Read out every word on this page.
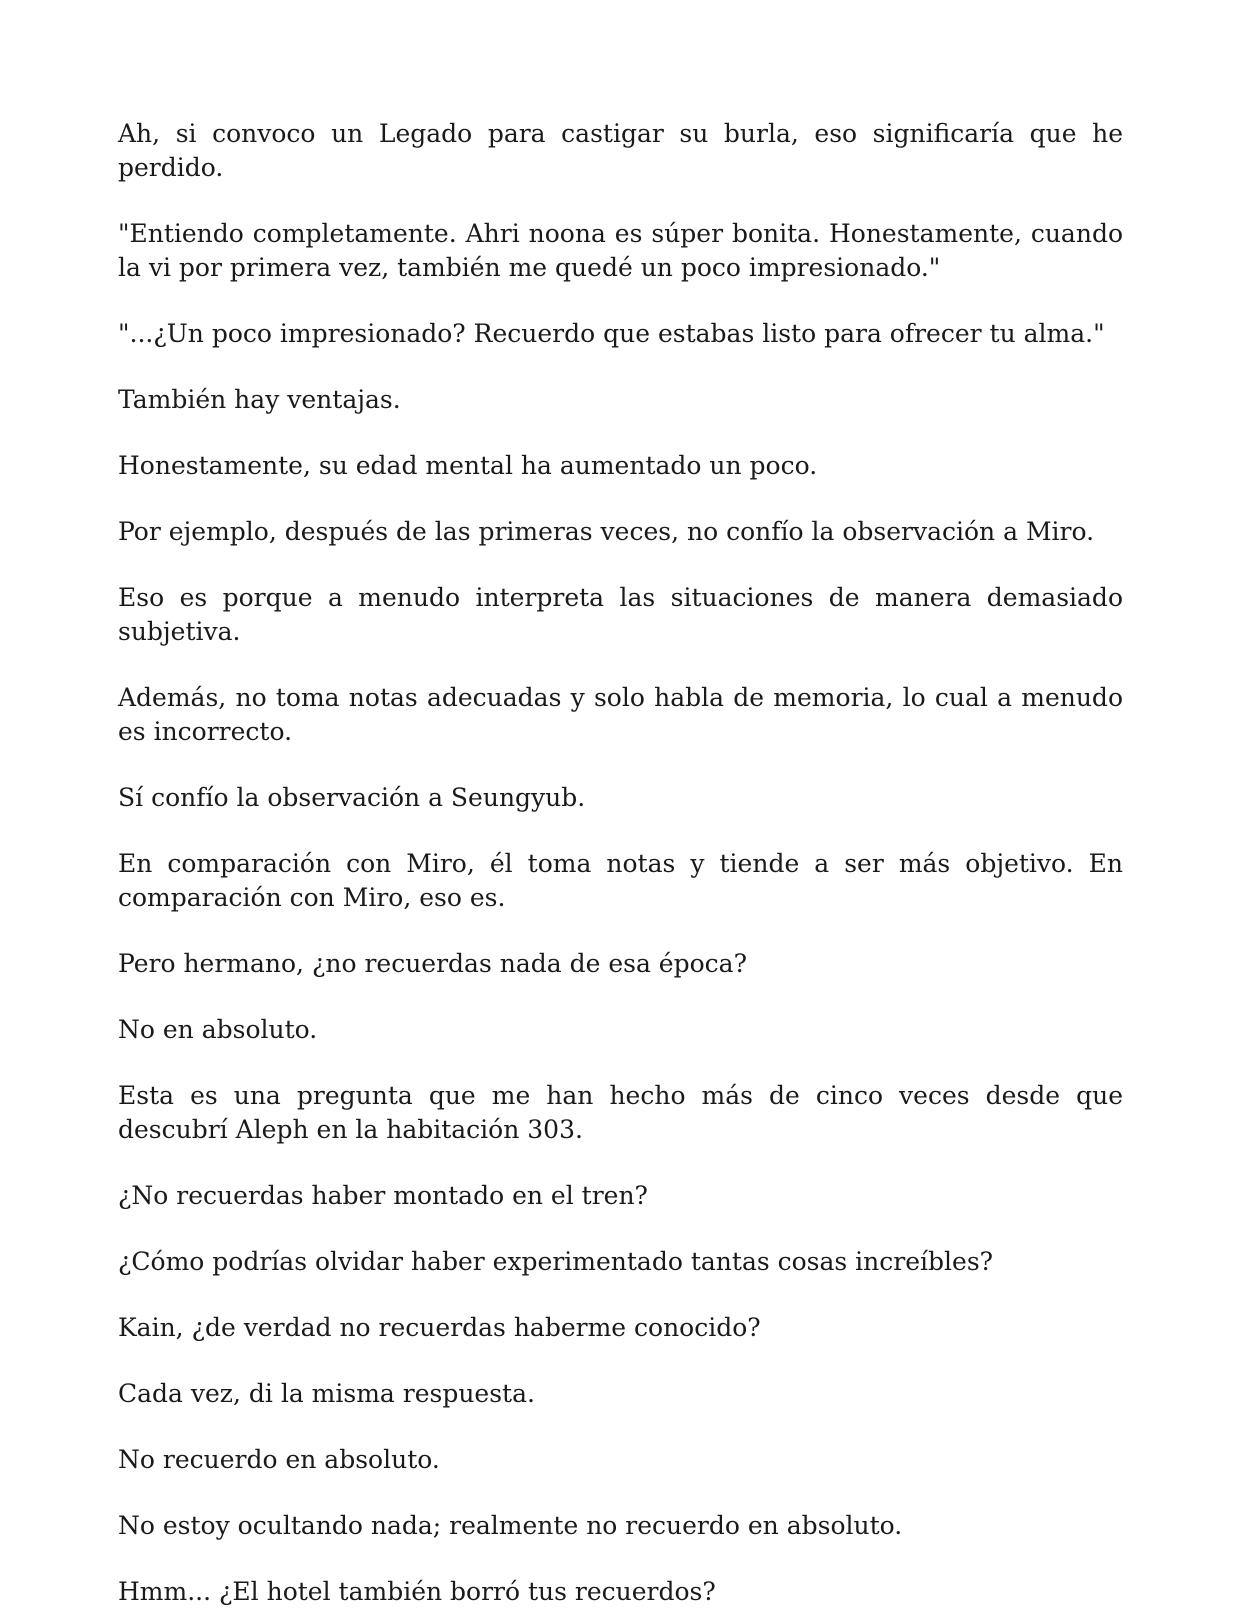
Ah, si convoco un Legado para castigar su burla, eso significaría que he perdido.

"Entiendo completamente. Ahri noona es súper bonita. Honestamente, cuando la vi por primera vez, también me quedé un poco impresionado."

"...¿Un poco impresionado? Recuerdo que estabas listo para ofrecer tu alma."

También hay ventajas.

Honestamente, su edad mental ha aumentado un poco.

Por ejemplo, después de las primeras veces, no confío la observación a Miro.

Eso es porque a menudo interpreta las situaciones de manera demasiado subjetiva.

Además, no toma notas adecuadas y solo habla de memoria, lo cual a menudo es incorrecto.

Sí confío la observación a Seungyub.

En comparación con Miro, él toma notas y tiende a ser más objetivo. En comparación con Miro, eso es.

Pero hermano, ¿no recuerdas nada de esa época?

No en absoluto.

Esta es una pregunta que me han hecho más de cinco veces desde que descubrí Aleph en la habitación 303.

¿No recuerdas haber montado en el tren?

¿Cómo podrías olvidar haber experimentado tantas cosas increíbles?

Kain, ¿de verdad no recuerdas haberme conocido?

Cada vez, di la misma respuesta.

No recuerdo en absoluto.

No estoy ocultando nada; realmente no recuerdo en absoluto.

Hmm... ¿El hotel también borró tus recuerdos?
